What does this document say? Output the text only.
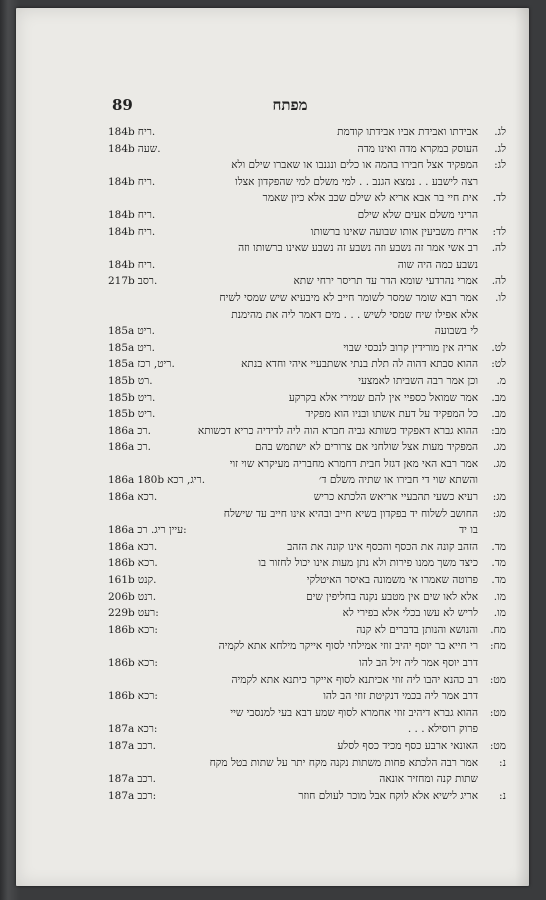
89	מפתח
לג.
אבידתו ואבידת אביו אבידתו קודמת
184b ריח.
לג.
העוסק במקרא מדה ואינו מדה
184b שעה.
לג:
המפקיד אצל חבירו בהמה או כלים ונגנבו או שאברו שילם ולא
רצה לישבע . . נמצא הגנב . . למי משלם למי שהפקדון אצלו
184b ריח.
לד.
אית חיי בר אבא אריא לא שילם שכב אלא כיון שאמר
הריני משלם אעים שלא שילם
184b ריח.
לד:
אריח משביעין אותו שבועה שאינו ברשותו
184b ריח.
לה.
רב אשי אמר זה נשבע וזה נשבע זה נשבע שאינו ברשותו וזה
נשבע כמה היה שוה
184b ריח.
לה.
אמרי נהרדעי שומא הדר עד תריסר ירחי שתא
217b רסב.
לו.
אמר רבא שומר שמסר לשומר חייב לא מיבעיא שיש שמסי לשיח
אלא אפילו שיח שמסי לשיש . . . מים דאמר ליה את מהימנת
לי בשבועה
185a ריט.
לט.
אריה אין מורידין קרוב לנכסי שבוי
185a ריט.
לט:
ההוא סבתא דהוה לה תלת בנתי אשתבעיי איהי וחדא בנתא
185a ריט, רכז.
מ.
וכן אמר רבה השביתו לאמצעי
185b רט.
מב.
אמר שמואל כספיי אין להם שמירי אלא בקרקע
185b ריט.
מב.
כל המפקיד על דעת אשתו ובניו הוא מפקיד
185b ריט.
מב:
ההוא גברא דאפקיד כשותא גביה חברא הוה ליה לדידיה כריא דכשותא
186a רכ.
מג.
המפקיד מעות אצל שולחני אם צרורים לא ישתמש בהם
186a רכ.
מג.
אמר רבא האי מאן דגזל חבית דחמרא מחבריה מעיקרא שוי זוי
והשתא שוי די חבירו או שתיה משלם ד׳
186a 180b ריג, רכא.
מג:
רעיא כשעי תהבעיי אריאש הלכתא כריש
186a רכא.
מג:
החושב לשלוח יד בפקדון בשיא חייב ובהיא אינו חייב עד שישלח
בו יד
186a עיין ריג. רכ:
מד.
הזהב קונה את הכסף והכסף אינו קונה את הזהב
186a רכא.
מד.
כיצד משך ממנו פירות ולא נתן מעות אינו יכול לחזור בו
186b רכא.
מד.
פרוטה שאמרו אי משמונה באיסר האיטלקי
161b קנט.
מו.
אלא לאו שים אין מטבע נקנה בחליפין שים
206b רנט.
מו.
לריש לא עשו בכלי אלא בפירי לא
229b רעט:
מח.
והנושא והנותן בדברים לא קנה
186b רכא:
מח:
רי חייא בר יוסף יהיב זוזי אמילחי לסוף אייקר מילחא אתא לקמיה
דרב יוסף אמר ליה זיל הב להו
186b רכא:
מט:
רב כהנא יהבו ליה זוזי אכיתנא לסוף אייקר כיתנא אתא לקמיה
דרב אמר ליה בכמי דנקיטת זוזי הב להו
186b רכא:
מט:
ההוא גברא דיהיב זוזי אחמרא לסוף שמע דבא בעי למנסבי שיי
פרוק רוסילא . . .
187a רכא:
מט:
האונאי ארבע כסף מכיד כסף לסלע
187a רכב.
נ:
אמר רבה הלכתא פחות משתות נקנה מקח יתר על שתות בטל מקח
שתות קנה ומחזיר אונאה
187a רכב.
נ:
אריג לישיא אלא לוקח אבל מוכר לעולם חוזר
187a רכב:
